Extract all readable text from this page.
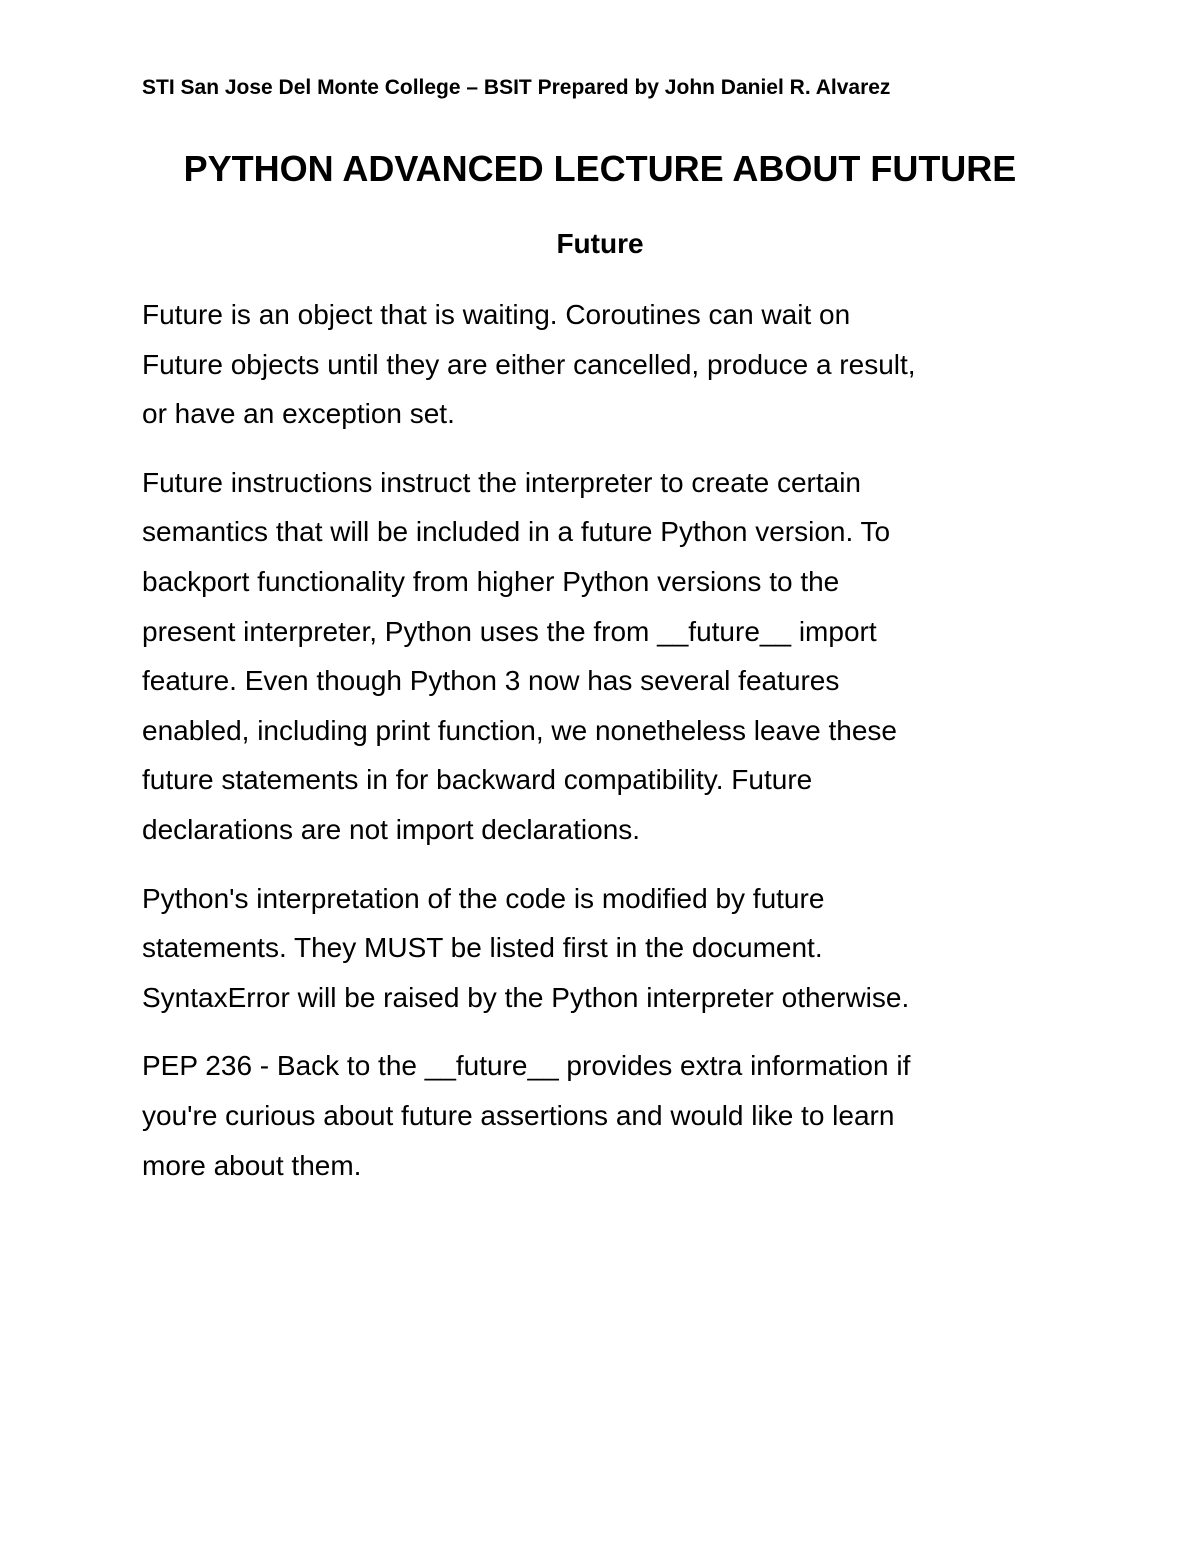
STI San Jose Del Monte College – BSIT Prepared by John Daniel R. Alvarez
PYTHON ADVANCED LECTURE ABOUT FUTURE
Future

Future is an object that is waiting. Coroutines can wait on
Future objects until they are either cancelled, produce a result,
or have an exception set.

Future instructions instruct the interpreter to create certain
semantics that will be included in a future Python version. To
backport functionality from higher Python versions to the
present interpreter, Python uses the from __future__ import
feature. Even though Python 3 now has several features
enabled, including print function, we nonetheless leave these
future statements in for backward compatibility. Future
declarations are not import declarations.

Python's interpretation of the code is modified by future
statements. They MUST be listed first in the document.
SyntaxError will be raised by the Python interpreter otherwise.

PEP 236 - Back to the __future__ provides extra information if
you're curious about future assertions and would like to learn
more about them.
